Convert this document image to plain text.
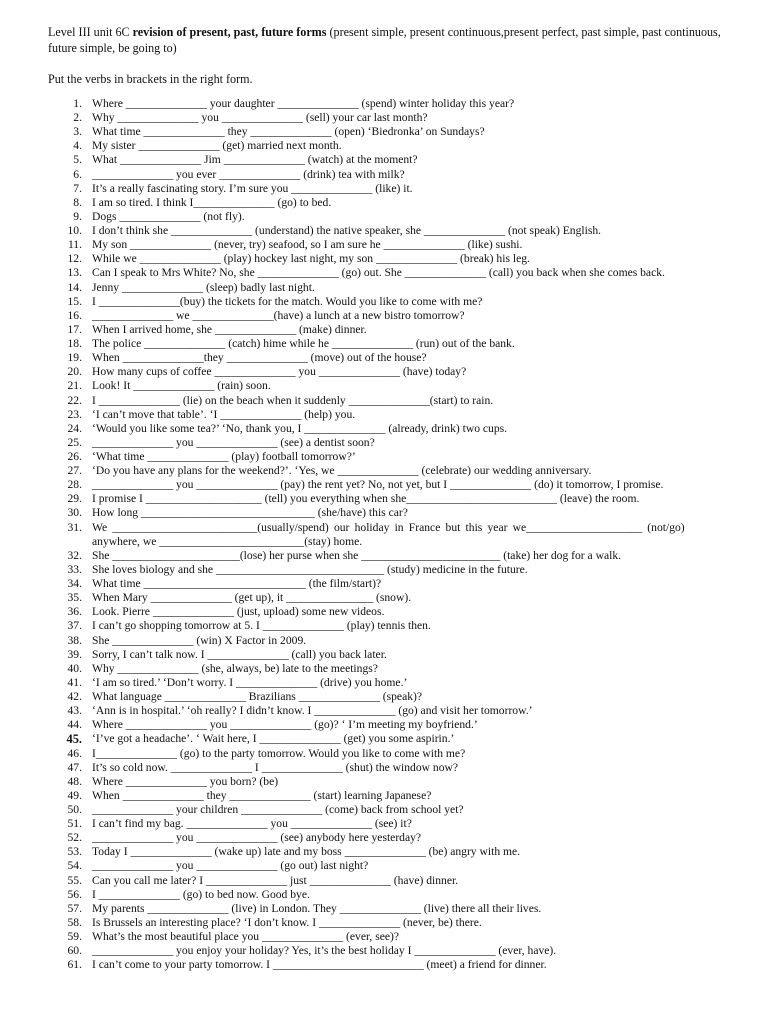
Level III unit 6C revision of present, past, future forms (present simple, present continuous,present perfect, past simple, past continuous, future simple, be going to)
Put the verbs in brackets in the right form.
1. Where ______________ your daughter ______________ (spend) winter holiday this year?
2. Why ______________ you ______________ (sell) your car last month?
3. What time ______________ they ______________ (open) ‘Biedronka’ on Sundays?
4. My sister ______________ (get) married next month.
5. What ______________ Jim ______________ (watch) at the moment?
6. ______________ you ever ______________ (drink) tea with milk?
7. It’s a really fascinating story. I’m sure you ______________ (like) it.
8. I am so tired. I think I______________ (go) to bed.
9. Dogs ______________ (not fly).
10. I don’t think she ______________ (understand) the native speaker, she ______________ (not speak) English.
11. My son ______________ (never, try) seafood, so I am sure he ______________ (like) sushi.
12. While we ______________ (play) hockey last night, my son ______________ (break) his leg.
13. Can I speak to Mrs White? No, she ______________ (go) out. She ______________ (call) you back when she comes back.
14. Jenny ______________ (sleep) badly last night.
15. I ______________(buy) the tickets for the match. Would you like to come with me?
16. ______________ we ______________(have) a lunch at a new bistro tomorrow?
17. When I arrived home, she ______________ (make) dinner.
18. The police ______________ (catch) hime while he ______________ (run) out of the bank.
19. When ______________they ______________ (move) out of the house?
20. How many cups of coffee ______________ you ______________ (have) today?
21. Look! It ______________ (rain) soon.
22. I ______________ (lie) on the beach when it suddenly ______________(start) to rain.
23. ‘I can’t move that table’. ‘I ______________ (help) you.
24. ‘Would you like some tea?’ ‘No, thank you, I ______________ (already, drink) two cups.
25. ______________ you ______________ (see) a dentist soon?
26. ‘What time ______________ (play) football tomorrow?’
27. ‘Do you have any plans for the weekend?’. ‘Yes, we ______________ (celebrate) our wedding anniversary.
28. ______________ you ______________ (pay) the rent yet? No, not yet, but I ______________ (do) it tomorrow, I promise.
29. I promise I ____________________ (tell) you everything when she__________________________ (leave) the room.
30. How long ______________________________ (she/have) this car?
31. We _________________________(usually/spend) our holiday in France but this year we____________________ (not/go)
anywhere, we _________________________(stay) home.
32. She ______________________(lose) her purse when she ________________________ (take) her dog for a walk.
33. She loves biology and she _____________________________ (study) medicine in the future.
34. What time ____________________________ (the film/start)?
35. When Mary ______________ (get up), it _______________ (snow).
36. Look. Pierre ______________ (just, upload) some new videos.
37. I can’t go shopping tomorrow at 5. I ______________ (play) tennis then.
38. She ______________ (win) X Factor in 2009.
39. Sorry, I can’t talk now. I ______________ (call) you back later.
40. Why ______________ (she, always, be) late to the meetings?
41. ‘I am so tired.’ ‘Don’t worry. I ______________ (drive) you home.’
42. What language ______________ Brazilians ______________ (speak)?
43. ‘Ann is in hospital.’ ‘oh really? I didn’t know. I ______________ (go) and visit her tomorrow.’
44. Where ______________ you ______________ (go)? ‘ I’m meeting my boyfriend.’
45. ‘I’ve got a headache’. ‘ Wait here, I ______________ (get) you some aspirin.’
46. I______________ (go) to the party tomorrow. Would you like to come with me?
47. It’s so cold now. ______________ I ______________ (shut) the window now?
48. Where ______________ you born? (be)
49. When ______________ they ______________ (start) learning Japanese?
50. ______________ your children ______________ (come) back from school yet?
51. I can’t find my bag. ______________ you ______________ (see) it?
52. ______________ you ______________ (see) anybody here yesterday?
53. Today I ______________ (wake up) late and my boss ______________ (be) angry with me.
54. ______________ you ______________ (go out) last night?
55. Can you call me later? I ______________ just ______________ (have) dinner.
56. I ______________ (go) to bed now. Good bye.
57. My parents ______________ (live) in London. They ______________ (live) there all their lives.
58. Is Brussels an interesting place? ‘I don’t know. I ______________ (never, be) there.
59. What’s the most beautiful place you ______________ (ever, see)?
60. ______________ you enjoy your holiday? Yes, it’s the best holiday I ______________ (ever, have).
61. I can’t come to your party tomorrow. I __________________________ (meet) a friend for dinner.
